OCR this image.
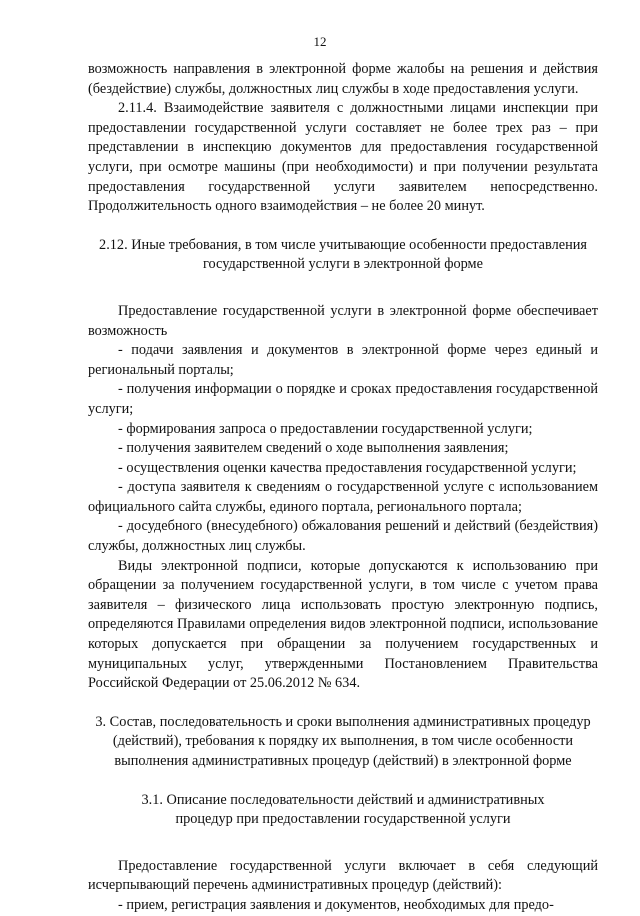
12

возможность направления в электронной форме жалобы на решения и действия (бездействие) службы, должностных лиц службы в ходе предоставления услуги.

2.11.4. Взаимодействие заявителя с должностными лицами инспекции при предоставлении государственной услуги составляет не более трех раз – при представлении в инспекцию документов для предоставления государственной услуги, при осмотре машины (при необходимости) и при получении результата предоставления государственной услуги заявителем непосредственно. Продолжительность одного взаимодействия – не более 20 минут.

2.12. Иные требования, в том числе учитывающие особенности предоставления государственной услуги в электронной форме

Предоставление государственной услуги в электронной форме обеспечивает возможность

- подачи заявления и документов в электронной форме через единый и региональный порталы;

- получения информации о порядке и сроках предоставления государственной услуги;

- формирования запроса о предоставлении государственной услуги;

- получения заявителем сведений о ходе выполнения заявления;

- осуществления оценки качества предоставления государственной услуги;

- доступа заявителя к сведениям о государственной услуге с использованием официального сайта службы, единого портала, регионального портала;

- досудебного (внесудебного) обжалования решений и действий (бездействия) службы, должностных лиц службы.

Виды электронной подписи, которые допускаются к использованию при обращении за получением государственной услуги, в том числе с учетом права заявителя – физического лица использовать простую электронную подпись, определяются Правилами определения видов электронной подписи, использование которых допускается при обращении за получением государственных и муниципальных услуг, утвержденными Постановлением Правительства Российской Федерации от 25.06.2012 № 634.

3. Состав, последовательность и сроки выполнения административных процедур (действий), требования к порядку их выполнения, в том числе особенности выполнения административных процедур (действий) в электронной форме

3.1. Описание последовательности действий и административных процедур при предоставлении государственной услуги

Предоставление государственной услуги включает в себя следующий исчерпывающий перечень административных процедур (действий):

- прием, регистрация заявления и документов, необходимых для предо-
